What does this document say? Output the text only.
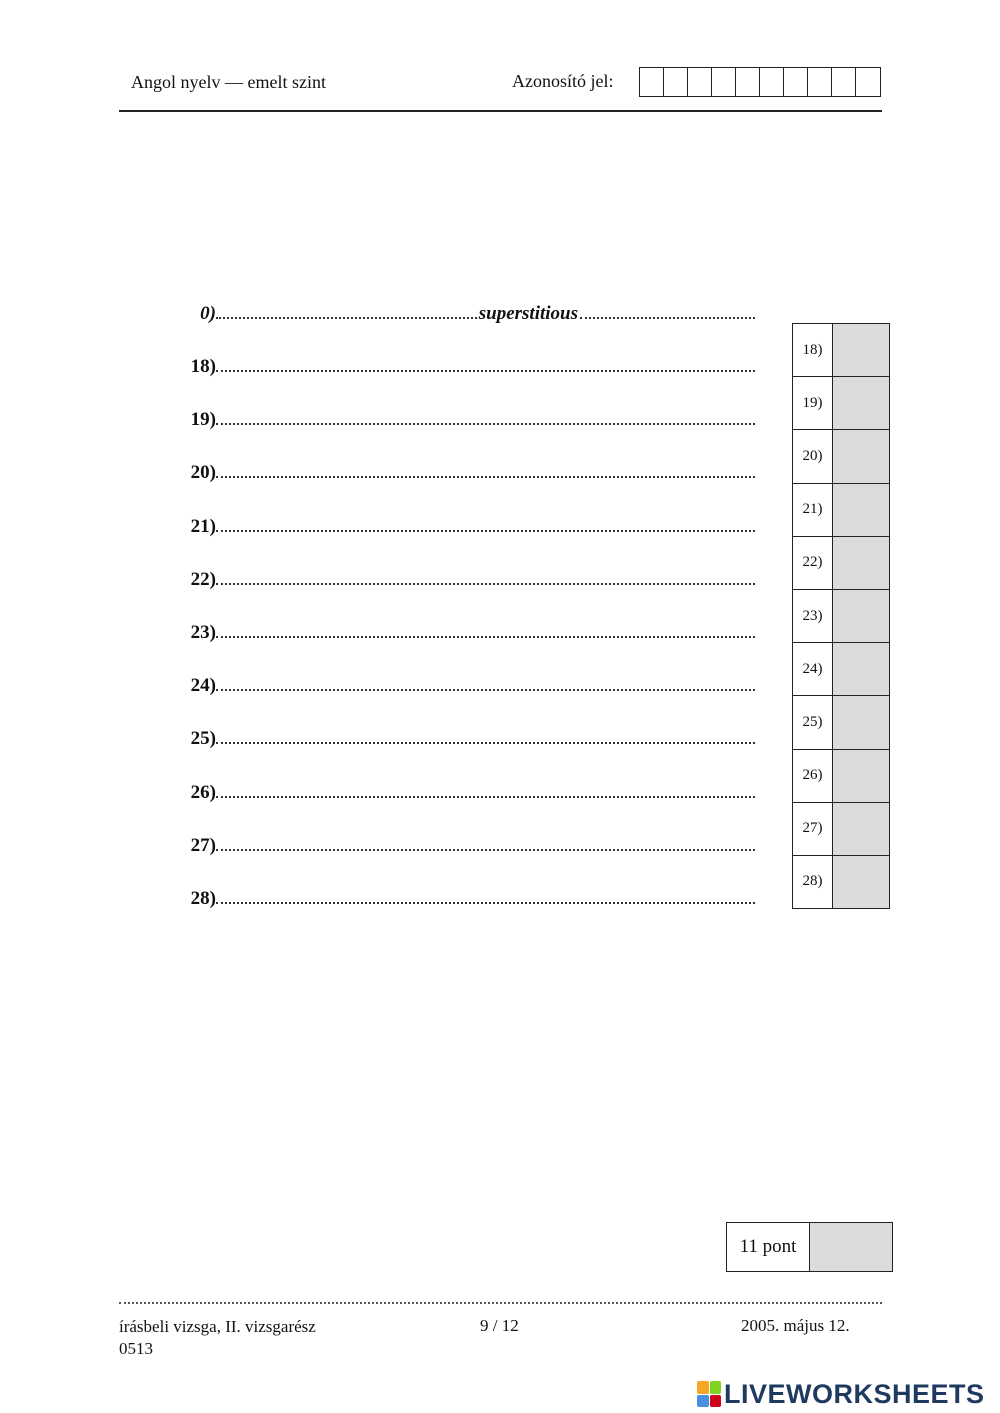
Angol nyelv — emelt szint	Azonosító jel:
0)	superstitious
18)
19)
20)
21)
22)
23)
24)
25)
26)
27)
28)
18)
19)
20)
21)
22)
23)
24)
25)
26)
27)
28)
11 pont
írásbeli vizsga, II. vizsgarész
0513
9 / 12	2005. május 12.
LIVEWORKSHEETS
